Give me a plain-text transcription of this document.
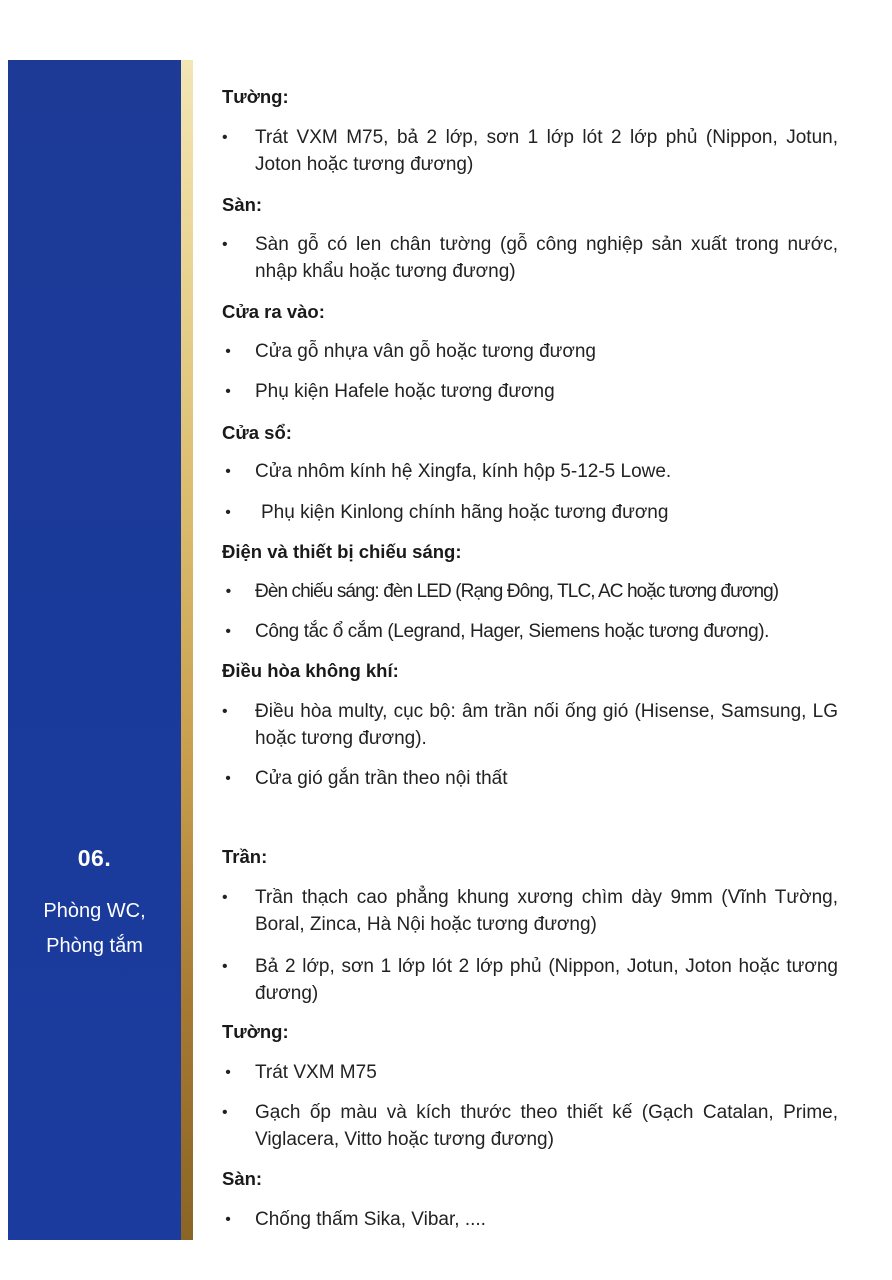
06.
Phòng WC,
Phòng tắm
Tường:
•	Trát VXM M75, bả 2 lớp, sơn 1 lớp lót 2 lớp phủ (Nippon, Jotun, Joton hoặc tương đương)
Sàn:
•	Sàn gỗ có len chân tường (gỗ công nghiệp sản xuất trong nước, nhập khẩu hoặc tương đương)
Cửa ra vào:
• Cửa gỗ nhựa vân gỗ hoặc tương đương
• Phụ kiện Hafele hoặc tương đương
Cửa sổ:
• Cửa nhôm kính hệ Xingfa, kính hộp 5-12-5 Lowe.
• Phụ kiện Kinlong chính hãng hoặc tương đương
Điện và thiết bị chiếu sáng:
• Đèn chiếu sáng: đèn LED (Rạng Đông, TLC, AC hoặc tương đương)
• Công tắc ổ cắm (Legrand, Hager, Siemens hoặc tương đương).
Điều hòa không khí:
•	Điều hòa multy, cục bộ: âm trần nối ống gió (Hisense, Samsung, LG hoặc tương đương).
• Cửa gió gắn trần theo nội thất
Trần:
•	Trần thạch cao phẳng khung xương chìm dày 9mm (Vĩnh Tường, Boral, Zinca, Hà Nội hoặc tương đương)
•	Bả 2 lớp, sơn 1 lớp lót 2 lớp phủ (Nippon, Jotun, Joton hoặc tương đương)
Tường:
• Trát VXM M75
•	Gạch ốp màu và kích thước theo thiết kế (Gạch Catalan, Prime, Viglacera, Vitto hoặc tương đương)
Sàn:
• Chống thấm Sika, Vibar, ....
